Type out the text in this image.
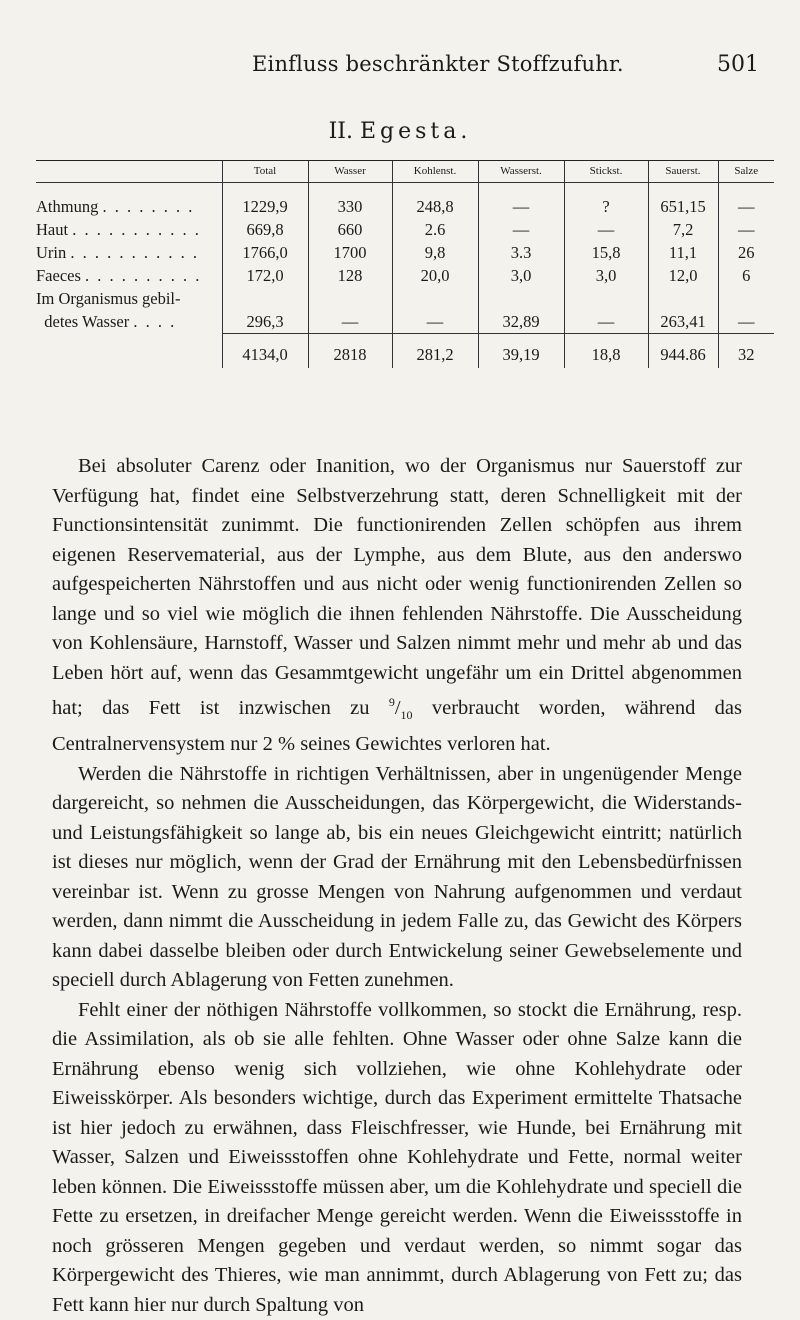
Einfluss beschränkter Stoffzufuhr.	501
II. Egesta.
	Total	Wasser	Kohlenst.	Wasserst.	Stickst.	Sauerst.	Salze
Athmung . . . . . . . .	1229,9	330	248,8	—	?	651,15	—
Haut . . . . . . . . . . .	669,8	660	2.6	—	—	7,2	—
Urin . . . . . . . . . . .	1766,0	1700	9,8	3.3	15,8	11,1	26
Faeces . . . . . . . . . .	172,0	128	20,0	3,0	3,0	12,0	6
Im Organismus gebil-							
detes Wasser . . . .	296,3	—	—	32,89	—	263,41	—
	4134,0	2818	281,2	39,19	18,8	944.86	32

Bei absoluter Carenz oder Inanition, wo der Organismus nur Sauerstoff zur Verfügung hat, findet eine Selbstverzehrung statt, deren Schnelligkeit mit der Functionsintensität zunimmt. Die functionirenden Zellen schöpfen aus ihrem eigenen Reservematerial, aus der Lymphe, aus dem Blute, aus den anderswo aufgespeicherten Nährstoffen und aus nicht oder wenig functionirenden Zellen so lange und so viel wie möglich die ihnen fehlenden Nährstoffe. Die Ausscheidung von Kohlensäure, Harnstoff, Wasser und Salzen nimmt mehr und mehr ab und das Leben hört auf, wenn das Gesammtgewicht ungefähr um ein Drittel abgenommen hat; das Fett ist inzwischen zu $^9/_{10}$ verbraucht worden, während das Centralnervensystem nur 2 % seines Gewichtes verloren hat.

Werden die Nährstoffe in richtigen Verhältnissen, aber in ungenügender Menge dargereicht, so nehmen die Ausscheidungen, das Körpergewicht, die Widerstands- und Leistungsfähigkeit so lange ab, bis ein neues Gleichgewicht eintritt; natürlich ist dieses nur möglich, wenn der Grad der Ernährung mit den Lebensbedürfnissen vereinbar ist. Wenn zu grosse Mengen von Nahrung aufgenommen und verdaut werden, dann nimmt die Ausscheidung in jedem Falle zu, das Gewicht des Körpers kann dabei dasselbe bleiben oder durch Entwickelung seiner Gewebselemente und speciell durch Ablagerung von Fetten zunehmen.

Fehlt einer der nöthigen Nährstoffe vollkommen, so stockt die Ernährung, resp. die Assimilation, als ob sie alle fehlten. Ohne Wasser oder ohne Salze kann die Ernährung ebenso wenig sich vollziehen, wie ohne Kohlehydrate oder Eiweisskörper. Als besonders wichtige, durch das Experiment ermittelte Thatsache ist hier jedoch zu erwähnen, dass Fleischfresser, wie Hunde, bei Ernährung mit Wasser, Salzen und Eiweissstoffen ohne Kohlehydrate und Fette, normal weiter leben können. Die Eiweissstoffe müssen aber, um die Kohlehydrate und speciell die Fette zu ersetzen, in dreifacher Menge gereicht werden. Wenn die Eiweissstoffe in noch grösseren Mengen gegeben und verdaut werden, so nimmt sogar das Körpergewicht des Thieres, wie man annimmt, durch Ablagerung von Fett zu; das Fett kann hier nur durch Spaltung von
